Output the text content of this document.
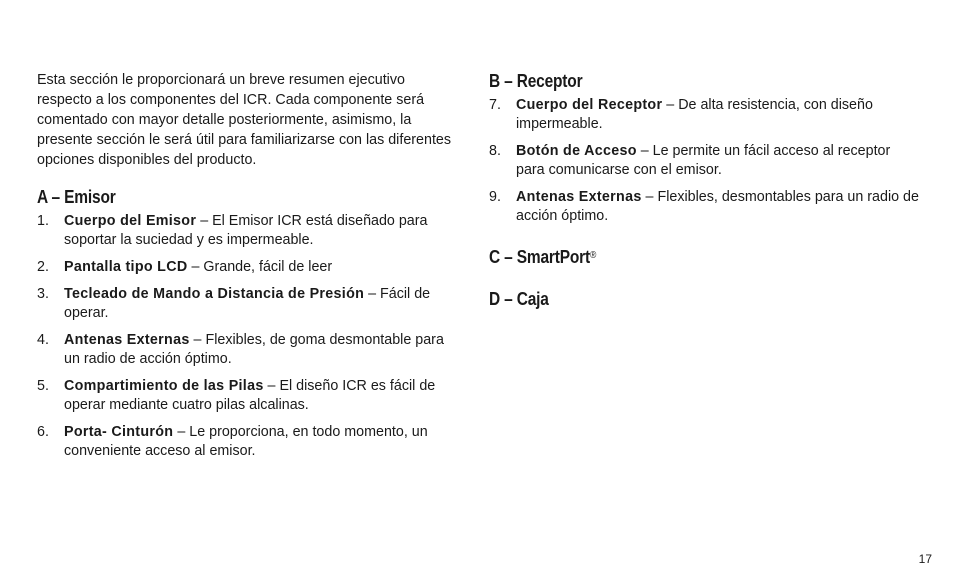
Esta sección le proporcionará un breve resumen ejecutivo respecto a los componentes del ICR. Cada componente será comentado con mayor detalle posteriormente, asimismo, la presente sección le será útil para familiarizarse con las diferentes opciones disponibles del producto.

A – Emisor
1. Cuerpo del Emisor – El Emisor ICR está diseñado para soportar la suciedad y es impermeable.
2. Pantalla tipo LCD – Grande, fácil de leer
3. Tecleado de Mando a Distancia de Presión – Fácil de operar.
4. Antenas Externas – Flexibles, de goma desmontable para un radio de acción óptimo.
5. Compartimiento de las Pilas – El diseño ICR es fácil de operar mediante cuatro pilas alcalinas.
6. Porta- Cinturón – Le proporciona, en todo momento, un conveniente acceso al emisor.
B – Receptor
7. Cuerpo del Receptor – De alta resistencia, con diseño impermeable.
8. Botón de Acceso – Le permite un fácil acceso al receptor para comunicarse con el emisor.
9. Antenas Externas – Flexibles, desmontables para un radio de acción óptimo.
C – SmartPort®
D – Caja
17
